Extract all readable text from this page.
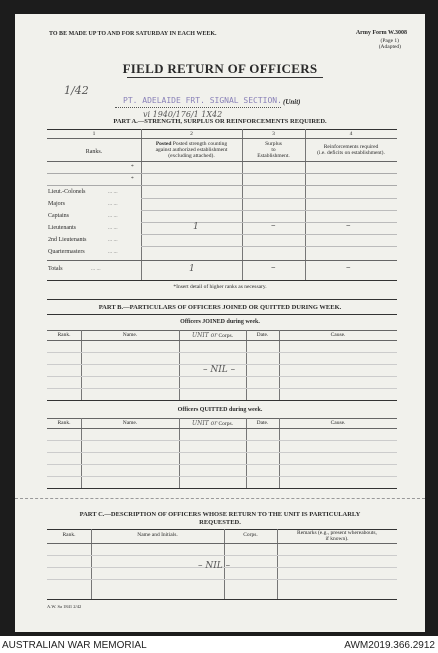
TO BE MADE UP TO AND FOR SATURDAY IN EACH WEEK.	Army Form W.3008
(Page 1)
(Adapted)
FIELD RETURN OF OFFICERS
1/42
PT. ADELAIDE FRT. SIGNAL SECTION. (Unit)
vi 1940/176/1 1X42
PART A.—STRENGTH, SURPLUS OR REINFORCEMENTS REQUIRED.
1	2	3	4
Ranks.
Posted Posted strength counting
against authorized establishment
(excluding attached).
Surplus
to
Establishment.
Reinforcements required
(i.e. deficits on establishment).
*
*
Lieut.-Colonels	... ...
Majors	... ...
Captains	... ...
Lieutenants	... ...	1	–	–
2nd Lieutenants	... ...
Quartermasters	... ...
Totals	... ...	1	–	–
*Insert detail of higher ranks as necessary.
PART B.—PARTICULARS OF OFFICERS JOINED OR QUITTED DURING WEEK.
Officers JOINED during week.
Rank.	Name.	UNIT or Corps.	Date.	Cause.
– NIL –
Officers QUITTED during week.
Rank.	Name.	UNIT or Corps.	Date.	Cause.
PART C.—DESCRIPTION OF OFFICERS WHOSE RETURN TO THE UNIT IS PARTICULARLY
REQUESTED.
Rank.	Name and Initials.	Corps.	Remarks (e.g., present whereabouts,
if known).
– NIL –
A.W. Sa 1841 2/42
AUSTRALIAN WAR MEMORIAL	AWM2019.366.2912
